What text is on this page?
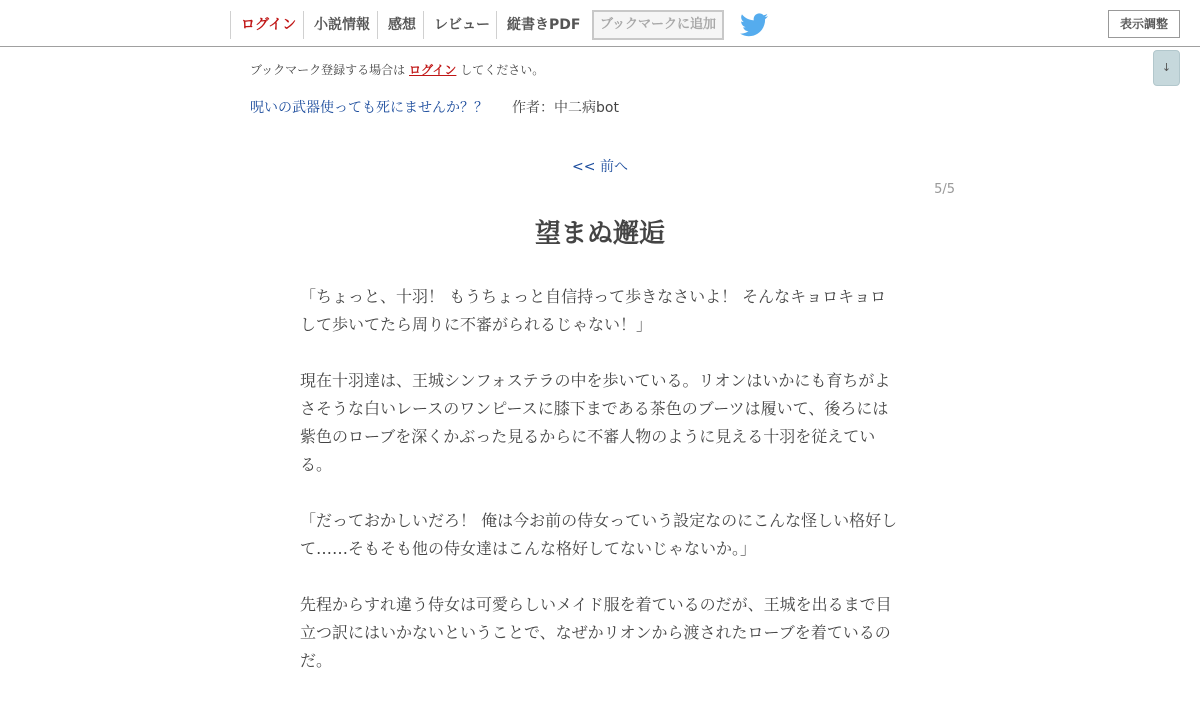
ログイン	小説情報	感想	レビュー	縦書きPDF	ブックマークに追加	表示調整
↓
ブックマーク登録する場合は ログイン してください。
呪いの武器使っても死にませんか？？ 作者：中二病bot
<< 前へ
5/5
望まぬ邂逅

「ちょっと、十羽！ もうちょっと自信持って歩きなさいよ！ そんなキョロキョロして歩いてたら周りに不審がられるじゃない！」

現在十羽達は、王城シンフォステラの中を歩いている。リオンはいかにも育ちがよさそうな白いレースのワンピースに膝下まである茶色のブーツは履いて、後ろには紫色のローブを深くかぶった見るからに不審人物のように見える十羽を従えている。

「だっておかしいだろ！ 俺は今お前の侍女っていう設定なのにこんな怪しい格好して……そもそも他の侍女達はこんな格好してないじゃないか。」

先程からすれ違う侍女は可愛らしいメイド服を着ているのだが、王城を出るまで目立つ訳にはいかないということで、なぜかリオンから渡されたローブを着ているのだ。
